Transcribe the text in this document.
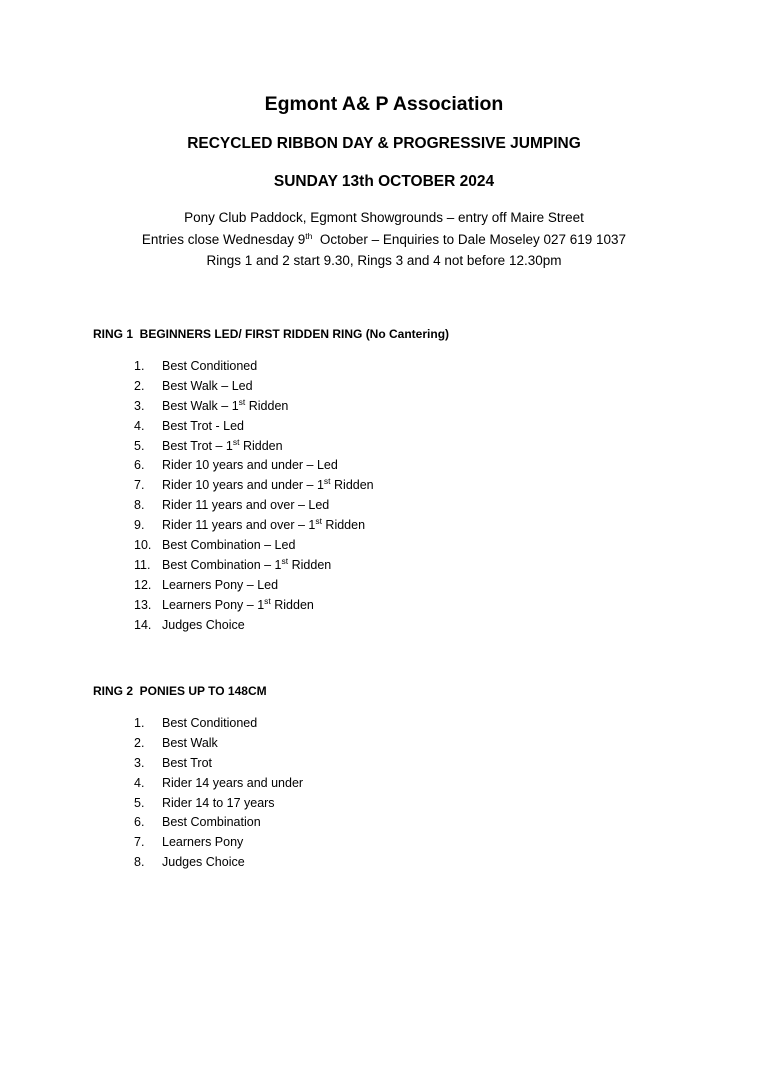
Egmont A& P Association
RECYCLED RIBBON DAY & PROGRESSIVE JUMPING
SUNDAY 13th OCTOBER 2024
Pony Club Paddock, Egmont Showgrounds – entry off Maire Street
Entries close Wednesday 9th  October – Enquiries to Dale Moseley 027 619 1037
Rings 1 and 2 start 9.30, Rings 3 and 4 not before 12.30pm
RING 1  BEGINNERS LED/ FIRST RIDDEN RING (No Cantering)
1. Best Conditioned
2. Best Walk – Led
3. Best Walk – 1st Ridden
4. Best Trot - Led
5. Best Trot – 1st Ridden
6. Rider 10 years and under – Led
7. Rider 10 years and under – 1st Ridden
8. Rider 11 years and over – Led
9. Rider 11 years and over – 1st Ridden
10. Best Combination – Led
11. Best Combination – 1st Ridden
12. Learners Pony – Led
13. Learners Pony – 1st Ridden
14. Judges Choice
RING 2  PONIES UP TO 148CM
1. Best Conditioned
2. Best Walk
3. Best Trot
4. Rider 14 years and under
5. Rider 14 to 17 years
6. Best Combination
7. Learners Pony
8. Judges Choice
